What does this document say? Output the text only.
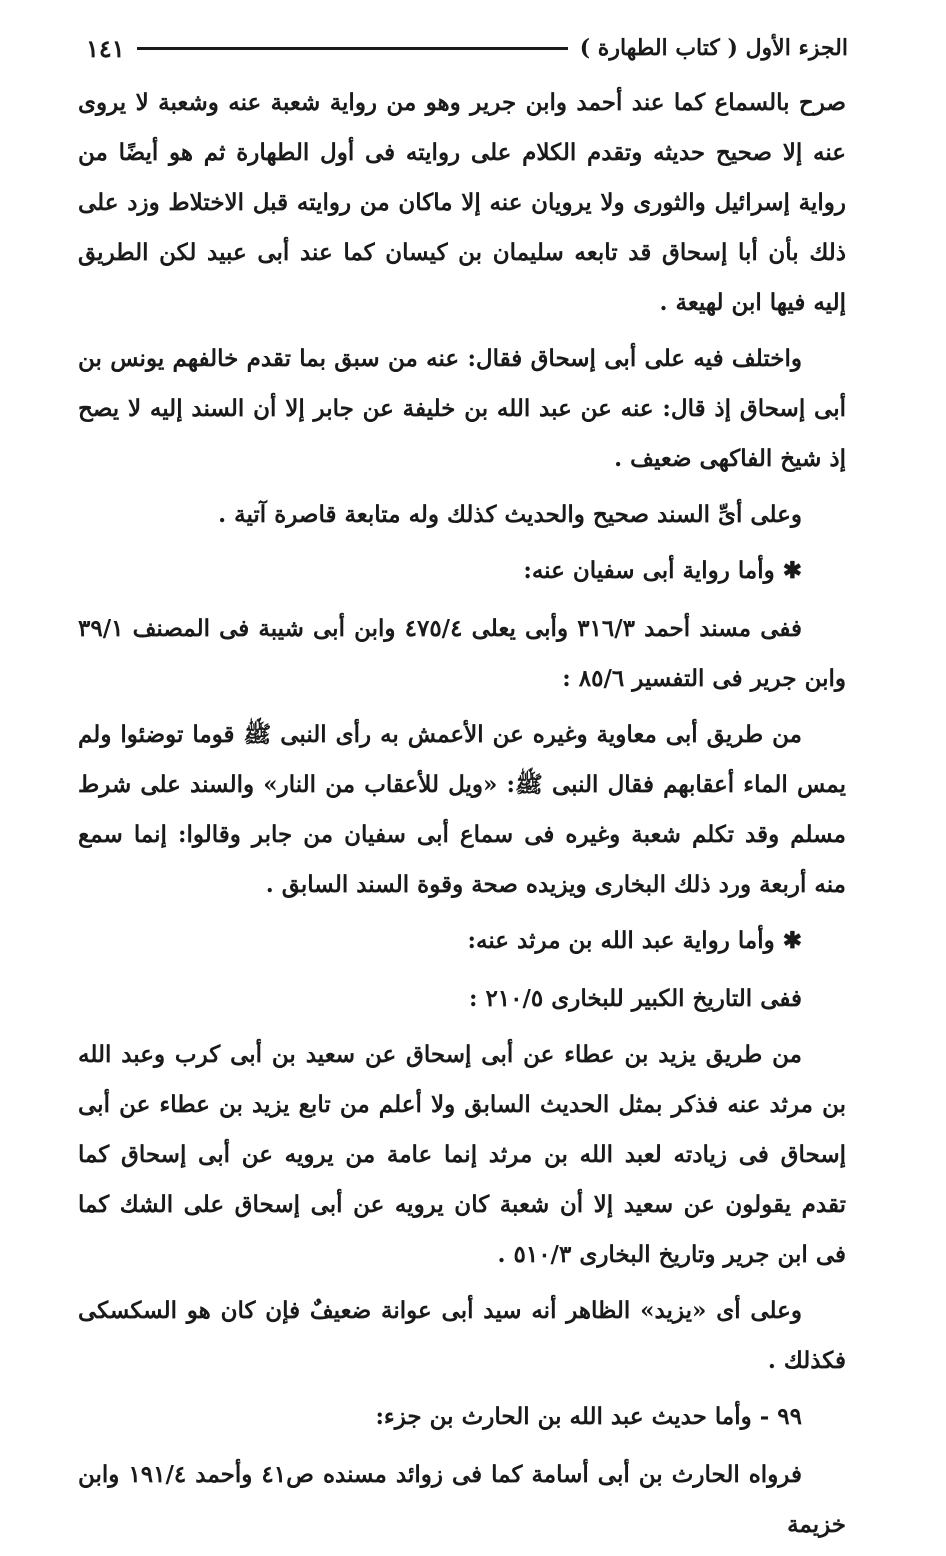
الجزء الأول ( كتاب الطهارة )
١٤١

صرح بالسماع كما عند أحمد وابن جرير وهو من رواية شعبة عنه وشعبة لا يروى عنه إلا صحيح حديثه وتقدم الكلام على روايته فى أول الطهارة ثم هو أيضًا من رواية إسرائيل والثورى ولا يرويان عنه إلا ماكان من روايته قبل الاختلاط وزد على ذلك بأن أبا إسحاق قد تابعه سليمان بن كيسان كما عند أبى عبيد لكن الطريق إليه فيها ابن لهيعة .

واختلف فيه على أبى إسحاق فقال: عنه من سبق بما تقدم خالفهم يونس بن أبى إسحاق إذ قال: عنه عن عبد الله بن خليفة عن جابر إلا أن السند إليه لا يصح إذ شيخ الفاكهى ضعيف .

وعلى أىِّ السند صحيح والحديث كذلك وله متابعة قاصرة آتية .

✱ وأما رواية أبى سفيان عنه:

ففى مسند أحمد ٣١٦/٣ وأبى يعلى ٤٧٥/٤ وابن أبى شيبة فى المصنف ٣٩/١ وابن جرير فى التفسير ٨٥/٦ :

من طريق أبى معاوية وغيره عن الأعمش به رأى النبى ﷺ قوما توضئوا ولم يمس الماء أعقابهم فقال النبى ﷺ: «ويل للأعقاب من النار» والسند على شرط مسلم وقد تكلم شعبة وغيره فى سماع أبى سفيان من جابر وقالوا: إنما سمع منه أربعة ورد ذلك البخارى ويزيده صحة وقوة السند السابق .

✱ وأما رواية عبد الله بن مرثد عنه:

ففى التاريخ الكبير للبخارى ٢١٠/٥ :

من طريق يزيد بن عطاء عن أبى إسحاق عن سعيد بن أبى كرب وعبد الله بن مرثد عنه فذكر بمثل الحديث السابق ولا أعلم من تابع يزيد بن عطاء عن أبى إسحاق فى زيادته لعبد الله بن مرثد إنما عامة من يرويه عن أبى إسحاق كما تقدم يقولون عن سعيد إلا أن شعبة كان يرويه عن أبى إسحاق على الشك كما فى ابن جرير وتاريخ البخارى ٥١٠/٣ .

وعلى أى «يزيد» الظاهر أنه سيد أبى عوانة ضعيفٌ فإن كان هو السكسكى فكذلك .

٩٩ - وأما حديث عبد الله بن الحارث بن جزء:

فرواه الحارث بن أبى أسامة كما فى زوائد مسنده ص٤١ وأحمد ١٩١/٤ وابن خزيمة
